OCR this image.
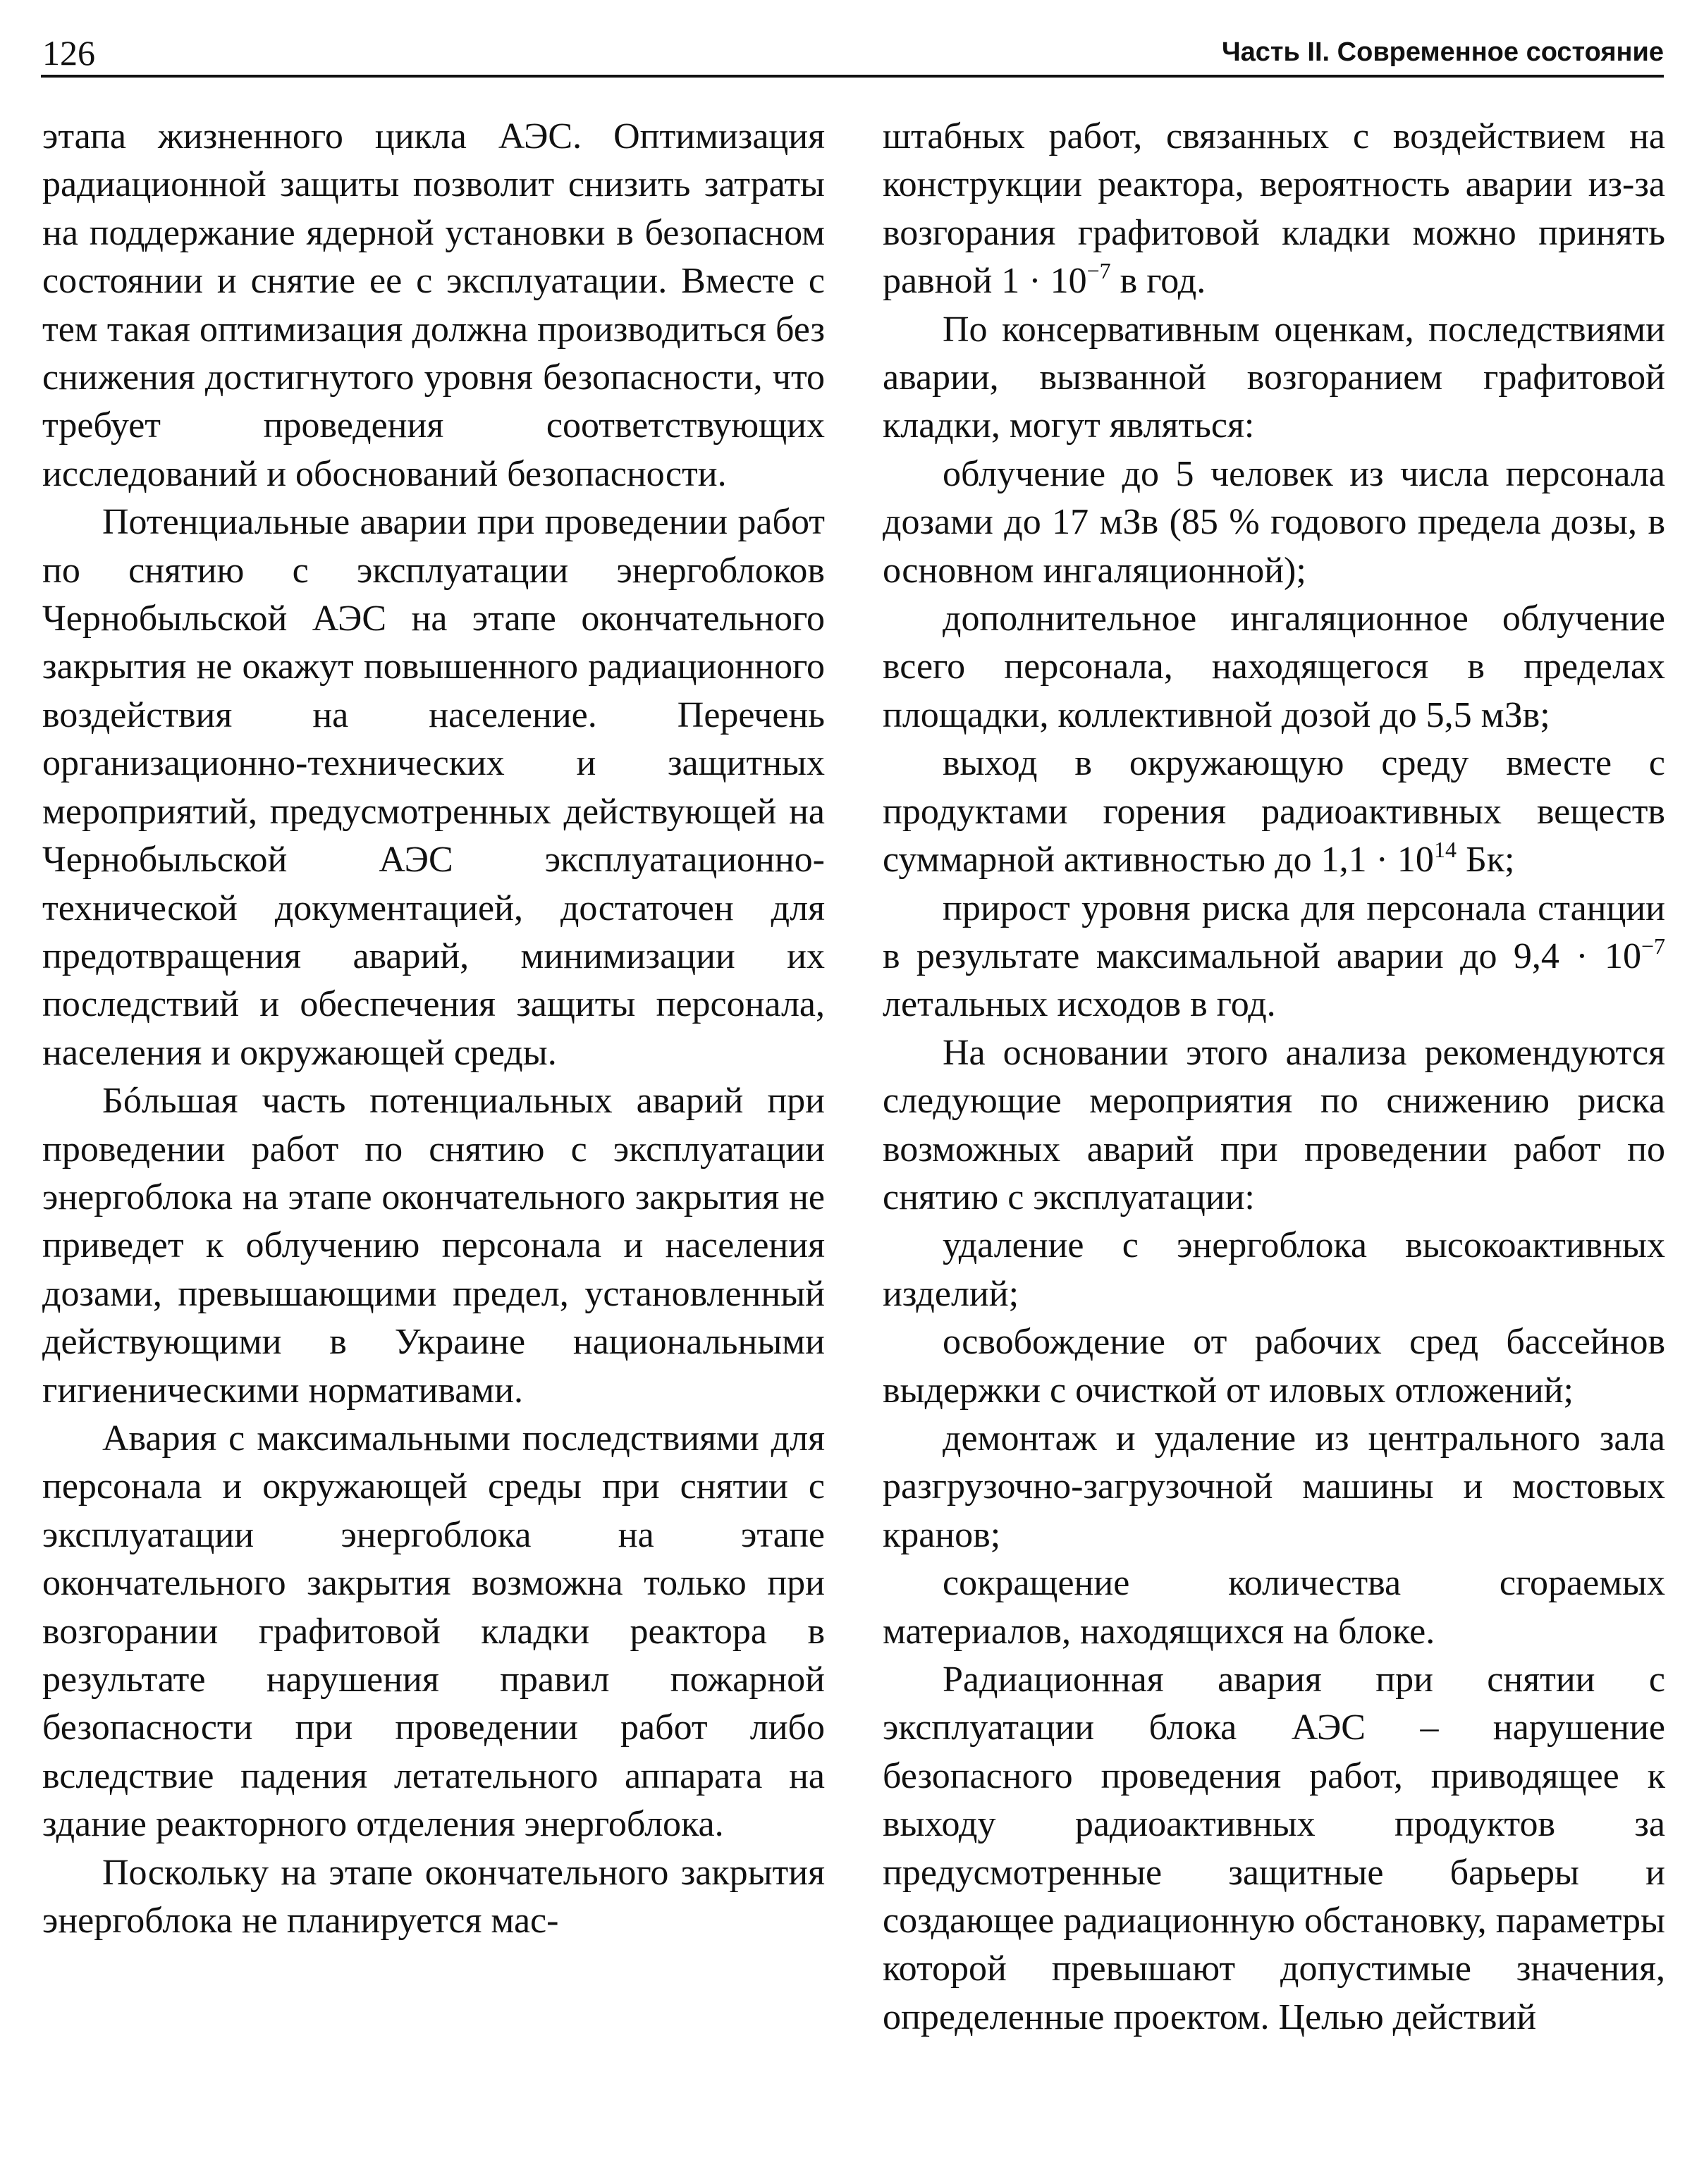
126	Часть II. Современное состояние

этапа жизненного цикла АЭС. Оптимизация радиационной защиты позволит снизить затраты на поддержание ядерной установки в безопасном состоянии и снятие ее с эксплуатации. Вместе с тем такая оптимизация должна производиться без снижения достигнутого уровня безопасности, что требует проведения соответствующих исследований и обоснований безопасности.

Потенциальные аварии при проведении работ по снятию с эксплуатации энергоблоков Чернобыльской АЭС на этапе окончательного закрытия не окажут повышенного радиационного воздействия на население. Перечень организационно-технических и защитных мероприятий, предусмотренных действующей на Чернобыльской АЭС эксплуатационно-технической документацией, достаточен для предотвращения аварий, минимизации их последствий и обеспечения защиты персонала, населения и окружающей среды.

Бóльшая часть потенциальных аварий при проведении работ по снятию с эксплуатации энергоблока на этапе окончательного закрытия не приведет к облучению персонала и населения дозами, превышающими предел, установленный действующими в Украине национальными гигиеническими нормативами.

Авария с максимальными последствиями для персонала и окружающей среды при снятии с эксплуатации энергоблока на этапе окончательного закрытия возможна только при возгорании графитовой кладки реактора в результате нарушения правил пожарной безопасности при проведении работ либо вследствие падения летательного аппарата на здание реакторного отделения энергоблока.

Поскольку на этапе окончательного закрытия энергоблока не планируется мас-

штабных работ, связанных с воздействием на конструкции реактора, вероятность аварии из-за возгорания графитовой кладки можно принять равной $1 \cdot 10^{-7}$ в год.

По консервативным оценкам, последствиями аварии, вызванной возгоранием графитовой кладки, могут являться:

облучение до 5 человек из числа персонала дозами до 17 мЗв (85 % годового предела дозы, в основном ингаляционной);

дополнительное ингаляционное облучение всего персонала, находящегося в пределах площадки, коллективной дозой до 5,5 мЗв;

выход в окружающую среду вместе с продуктами горения радиоактивных веществ суммарной активностью до $1,1 \cdot 10^{14}$ Бк;

прирост уровня риска для персонала станции в результате максимальной аварии до $9,4 \cdot 10^{-7}$ летальных исходов в год.

На основании этого анализа рекомендуются следующие мероприятия по снижению риска возможных аварий при проведении работ по снятию с эксплуатации:

удаление с энергоблока высокоактивных изделий;

освобождение от рабочих сред бассейнов выдержки с очисткой от иловых отложений;

демонтаж и удаление из центрального зала разгрузочно-загрузочной машины и мостовых кранов;

сокращение количества сгораемых материалов, находящихся на блоке.

Радиационная авария при снятии с эксплуатации блока АЭС – нарушение безопасного проведения работ, приводящее к выходу радиоактивных продуктов за предусмотренные защитные барьеры и создающее радиационную обстановку, параметры которой превышают допустимые значения, определенные проектом. Целью действий
